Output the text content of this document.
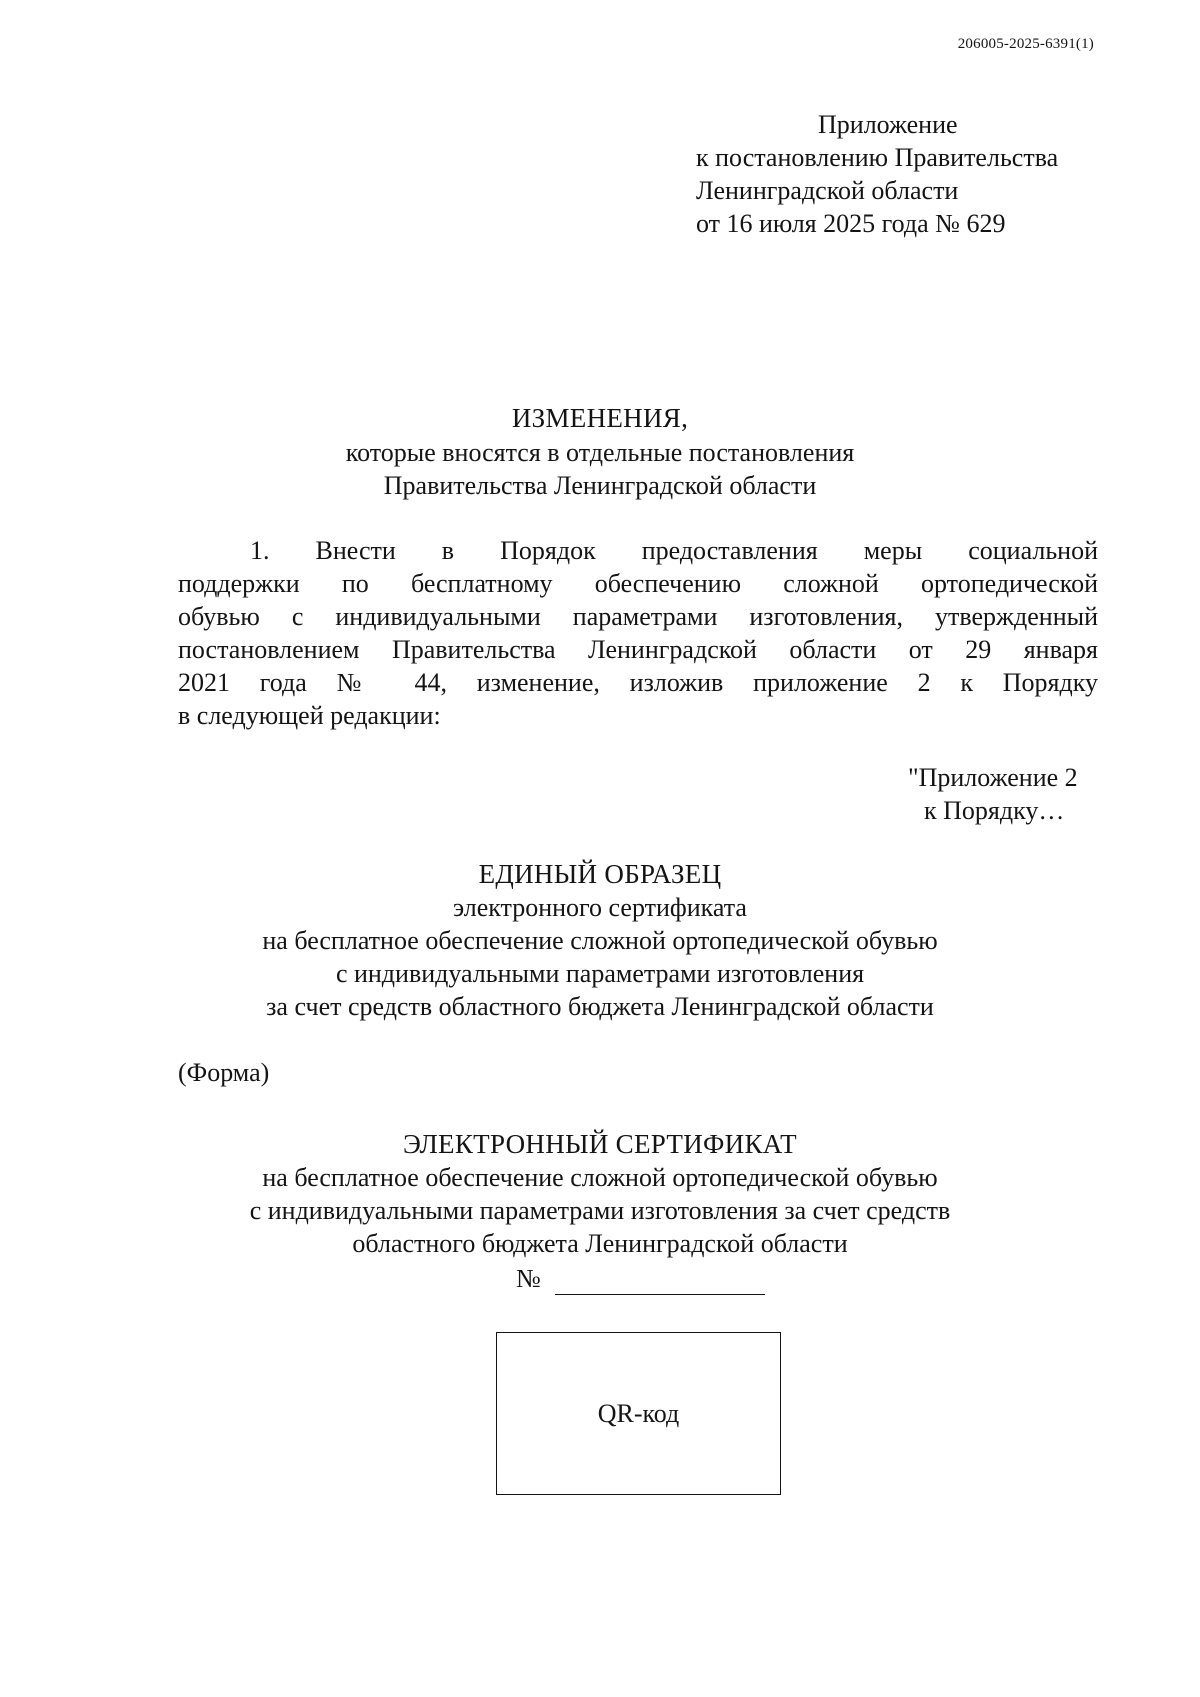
206005-2025-6391(1)
Приложение
к постановлению Правительства
Ленинградской области
от 16 июля 2025 года № 629
ИЗМЕНЕНИЯ,
которые вносятся в отдельные постановления
Правительства Ленинградской области
1. Внести в Порядок предоставления меры социальной
поддержки по бесплатному обеспечению сложной ортопедической
обувью с индивидуальными параметрами изготовления, утвержденный
постановлением Правительства Ленинградской области от 29 января
2021 года № 44, изменение, изложив приложение 2 к Порядку
в следующей редакции:
"Приложение 2
к Порядку…
ЕДИНЫЙ ОБРАЗЕЦ
электронного сертификата
на бесплатное обеспечение сложной ортопедической обувью
с индивидуальными параметрами изготовления
за счет средств областного бюджета Ленинградской области
(Форма)
ЭЛЕКТРОННЫЙ СЕРТИФИКАТ
на бесплатное обеспечение сложной ортопедической обувью
с индивидуальными параметрами изготовления за счет средств
областного бюджета Ленинградской области
№
QR-код
